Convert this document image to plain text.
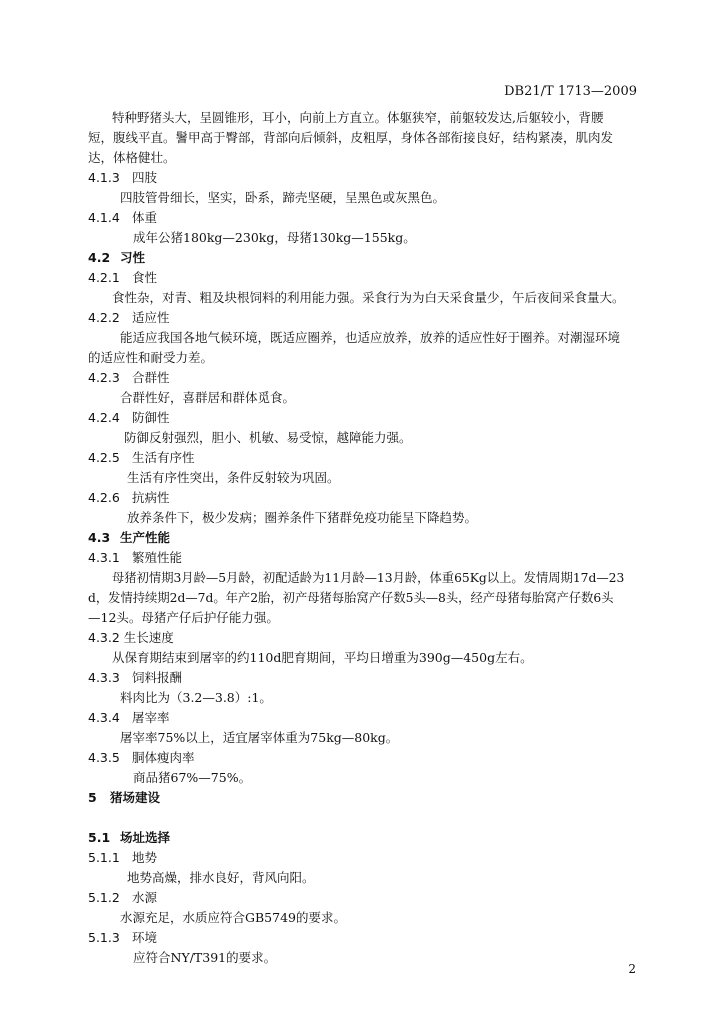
DB21/T 1713—2009
特种野猪头大，呈圆锥形，耳小，向前上方直立。体躯狭窄，前躯较发达,后躯较小，背腰
短，腹线平直。鬐甲高于臀部，背部向后倾斜，皮粗厚，身体各部衔接良好，结构紧凑，肌肉发
达，体格健壮。
4.1.3 四肢
四肢管骨细长，坚实，卧系，蹄壳坚硬，呈黑色或灰黑色。
4.1.4 体重
成年公猪180kg—230kg，母猪130kg—155kg。
4.2 习性
4.2.1 食性
食性杂，对青、粗及块根饲料的利用能力强。采食行为为白天采食量少，午后夜间采食量大。
4.2.2 适应性
能适应我国各地气候环境，既适应圈养，也适应放养，放养的适应性好于圈养。对潮湿环境
的适应性和耐受力差。
4.2.3 合群性
合群性好，喜群居和群体觅食。
4.2.4 防御性
防御反射强烈，胆小、机敏、易受惊，越障能力强。
4.2.5 生活有序性
生活有序性突出，条件反射较为巩固。
4.2.6 抗病性
放养条件下，极少发病；圈养条件下猪群免疫功能呈下降趋势。
4.3 生产性能
4.3.1 繁殖性能
母猪初情期3月龄—5月龄，初配适龄为11月龄—13月龄，体重65Kg以上。发情周期17d—23
d，发情持续期2d—7d。年产2胎，初产母猪每胎窝产仔数5头—8头，经产母猪每胎窝产仔数6头
—12头。母猪产仔后护仔能力强。
4.3.2 生长速度
从保育期结束到屠宰的约110d肥育期间，平均日增重为390g—450g左右。
4.3.3 饲料报酬
料肉比为（3.2—3.8）:1。
4.3.4 屠宰率
屠宰率75%以上，适宜屠宰体重为75kg—80kg。
4.3.5 胴体瘦肉率
商品猪67%—75%。
5 猪场建设
5.1 场址选择
5.1.1 地势
地势高燥，排水良好，背风向阳。
5.1.2 水源
水源充足，水质应符合GB5749的要求。
5.1.3 环境
应符合NY/T391的要求。
2
